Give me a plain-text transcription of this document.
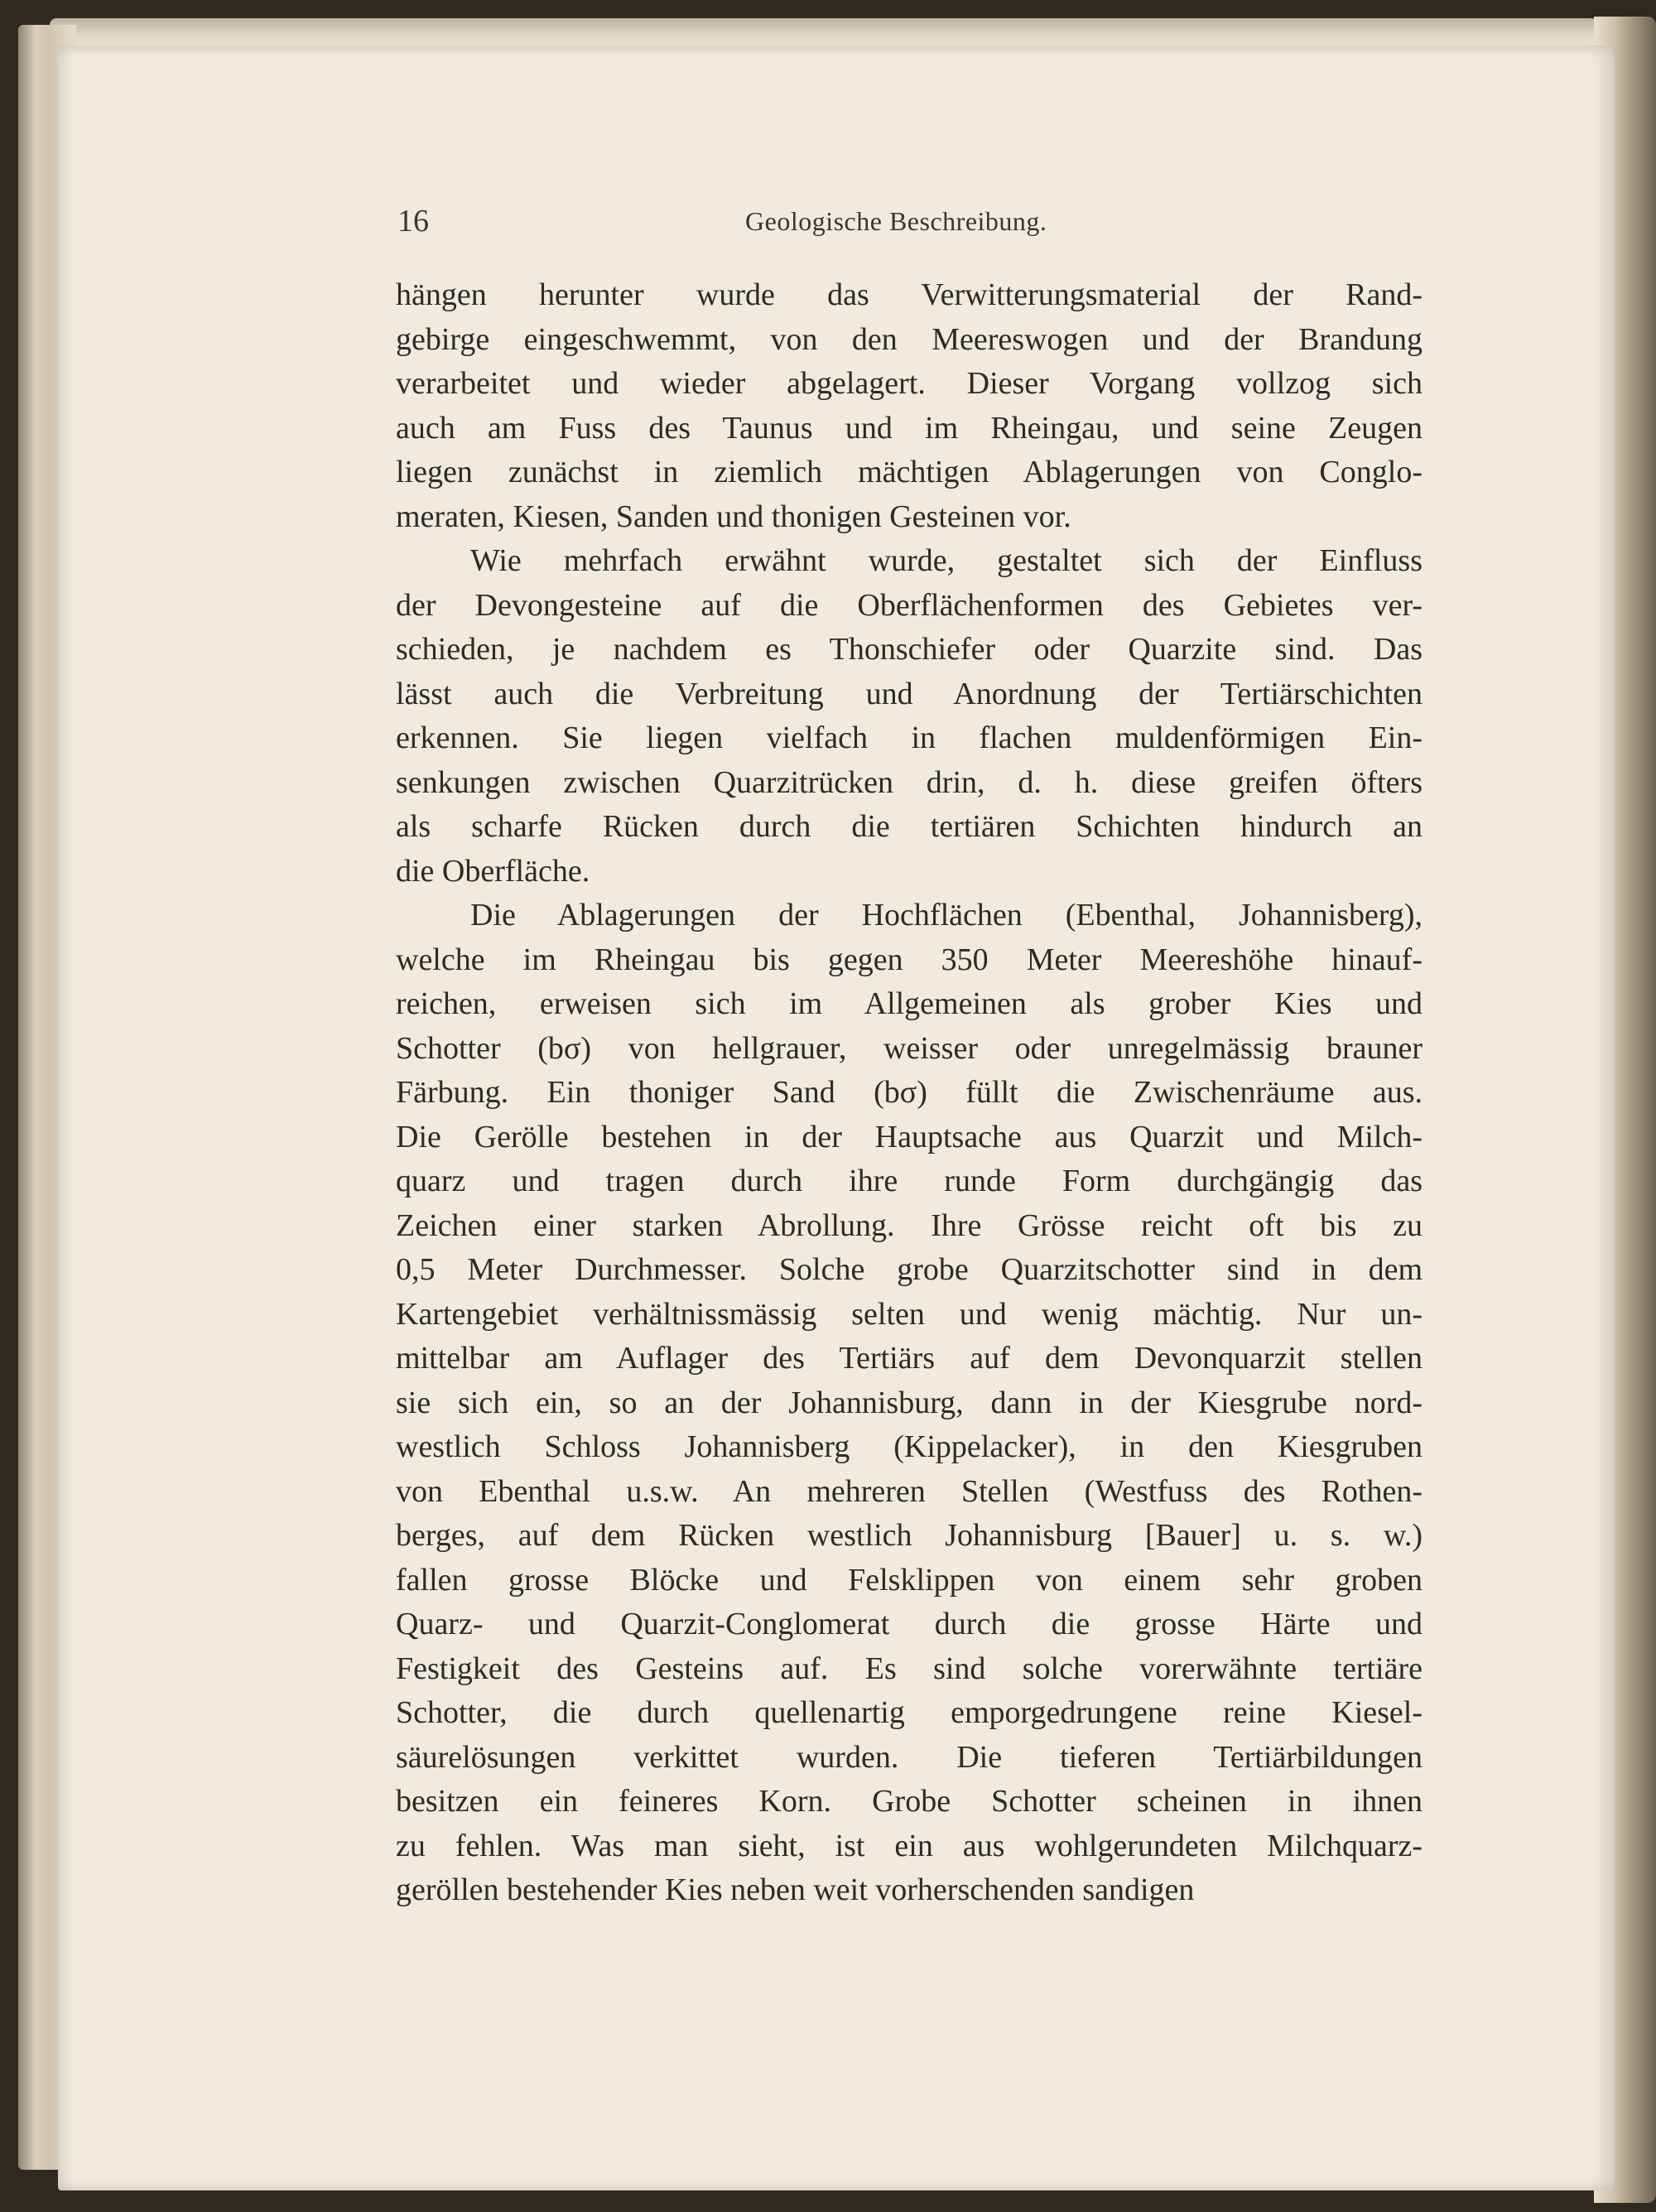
16	Geologische Beschreibung.
hängen herunter wurde das Verwitterungsmaterial der Rand-
gebirge eingeschwemmt, von den Meereswogen und der Brandung
verarbeitet und wieder abgelagert. Dieser Vorgang vollzog sich
auch am Fuss des Taunus und im Rheingau, und seine Zeugen
liegen zunächst in ziemlich mächtigen Ablagerungen von Conglo-
meraten, Kiesen, Sanden und thonigen Gesteinen vor.
Wie mehrfach erwähnt wurde, gestaltet sich der Einfluss
der Devongesteine auf die Oberflächenformen des Gebietes ver-
schieden, je nachdem es Thonschiefer oder Quarzite sind. Das
lässt auch die Verbreitung und Anordnung der Tertiärschichten
erkennen. Sie liegen vielfach in flachen muldenförmigen Ein-
senkungen zwischen Quarzitrücken drin, d. h. diese greifen öfters
als scharfe Rücken durch die tertiären Schichten hindurch an
die Oberfläche.
Die Ablagerungen der Hochflächen (Ebenthal, Johannisberg),
welche im Rheingau bis gegen 350 Meter Meereshöhe hinauf-
reichen, erweisen sich im Allgemeinen als grober Kies und
Schotter (bσ) von hellgrauer, weisser oder unregelmässig brauner
Färbung. Ein thoniger Sand (bσ) füllt die Zwischenräume aus.
Die Gerölle bestehen in der Hauptsache aus Quarzit und Milch-
quarz und tragen durch ihre runde Form durchgängig das
Zeichen einer starken Abrollung. Ihre Grösse reicht oft bis zu
0,5 Meter Durchmesser. Solche grobe Quarzitschotter sind in dem
Kartengebiet verhältnissmässig selten und wenig mächtig. Nur un-
mittelbar am Auflager des Tertiärs auf dem Devonquarzit stellen
sie sich ein, so an der Johannisburg, dann in der Kiesgrube nord-
westlich Schloss Johannisberg (Kippelacker), in den Kiesgruben
von Ebenthal u.s.w. An mehreren Stellen (Westfuss des Rothen-
berges, auf dem Rücken westlich Johannisburg [Bauer] u. s. w.)
fallen grosse Blöcke und Felsklippen von einem sehr groben
Quarz- und Quarzit-Conglomerat durch die grosse Härte und
Festigkeit des Gesteins auf. Es sind solche vorerwähnte tertiäre
Schotter, die durch quellenartig emporgedrungene reine Kiesel-
säurelösungen verkittet wurden. Die tieferen Tertiärbildungen
besitzen ein feineres Korn. Grobe Schotter scheinen in ihnen
zu fehlen. Was man sieht, ist ein aus wohlgerundeten Milchquarz-
geröllen bestehender Kies neben weit vorherschenden sandigen
